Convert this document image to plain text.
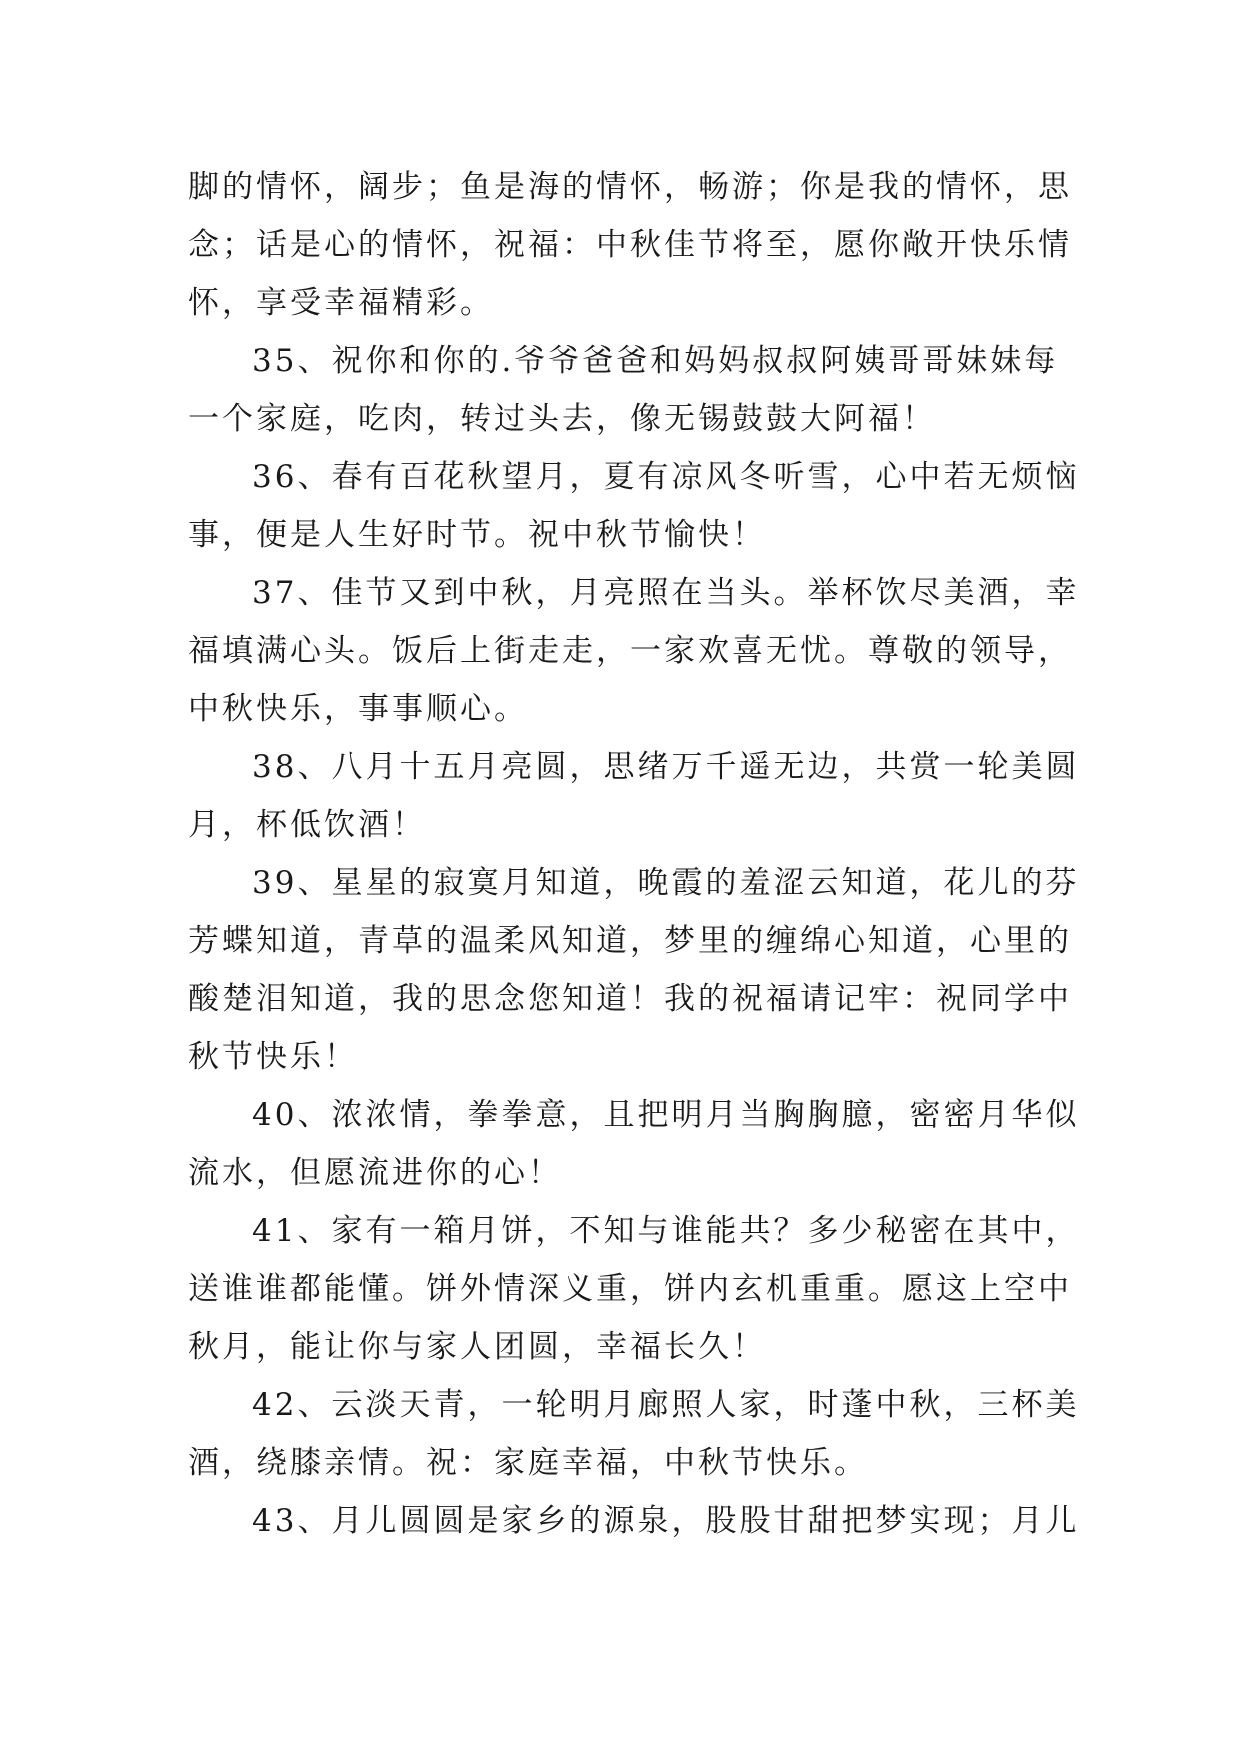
脚的情怀，阔步；鱼是海的情怀，畅游；你是我的情怀，思
念；话是心的情怀，祝福：中秋佳节将至，愿你敞开快乐情
怀，享受幸福精彩。

35、祝你和你的.爷爷爸爸和妈妈叔叔阿姨哥哥妹妹每
一个家庭，吃肉，转过头去，像无锡鼓鼓大阿福！

36、春有百花秋望月，夏有凉风冬听雪，心中若无烦恼
事，便是人生好时节。祝中秋节愉快！

37、佳节又到中秋，月亮照在当头。举杯饮尽美酒，幸
福填满心头。饭后上街走走，一家欢喜无忧。尊敬的领导，
中秋快乐，事事顺心。

38、八月十五月亮圆，思绪万千遥无边，共赏一轮美圆
月，杯低饮酒！

39、星星的寂寞月知道，晚霞的羞涩云知道，花儿的芬
芳蝶知道，青草的温柔风知道，梦里的缠绵心知道，心里的
酸楚泪知道，我的思念您知道！我的祝福请记牢：祝同学中
秋节快乐！

40、浓浓情，拳拳意，且把明月当胸胸臆，密密月华似
流水，但愿流进你的心！

41、家有一箱月饼，不知与谁能共？多少秘密在其中，
送谁谁都能懂。饼外情深义重，饼内玄机重重。愿这上空中
秋月，能让你与家人团圆，幸福长久！

42、云淡天青，一轮明月廊照人家，时蓬中秋，三杯美
酒，绕膝亲情。祝：家庭幸福，中秋节快乐。

43、月儿圆圆是家乡的源泉，股股甘甜把梦实现；月儿
